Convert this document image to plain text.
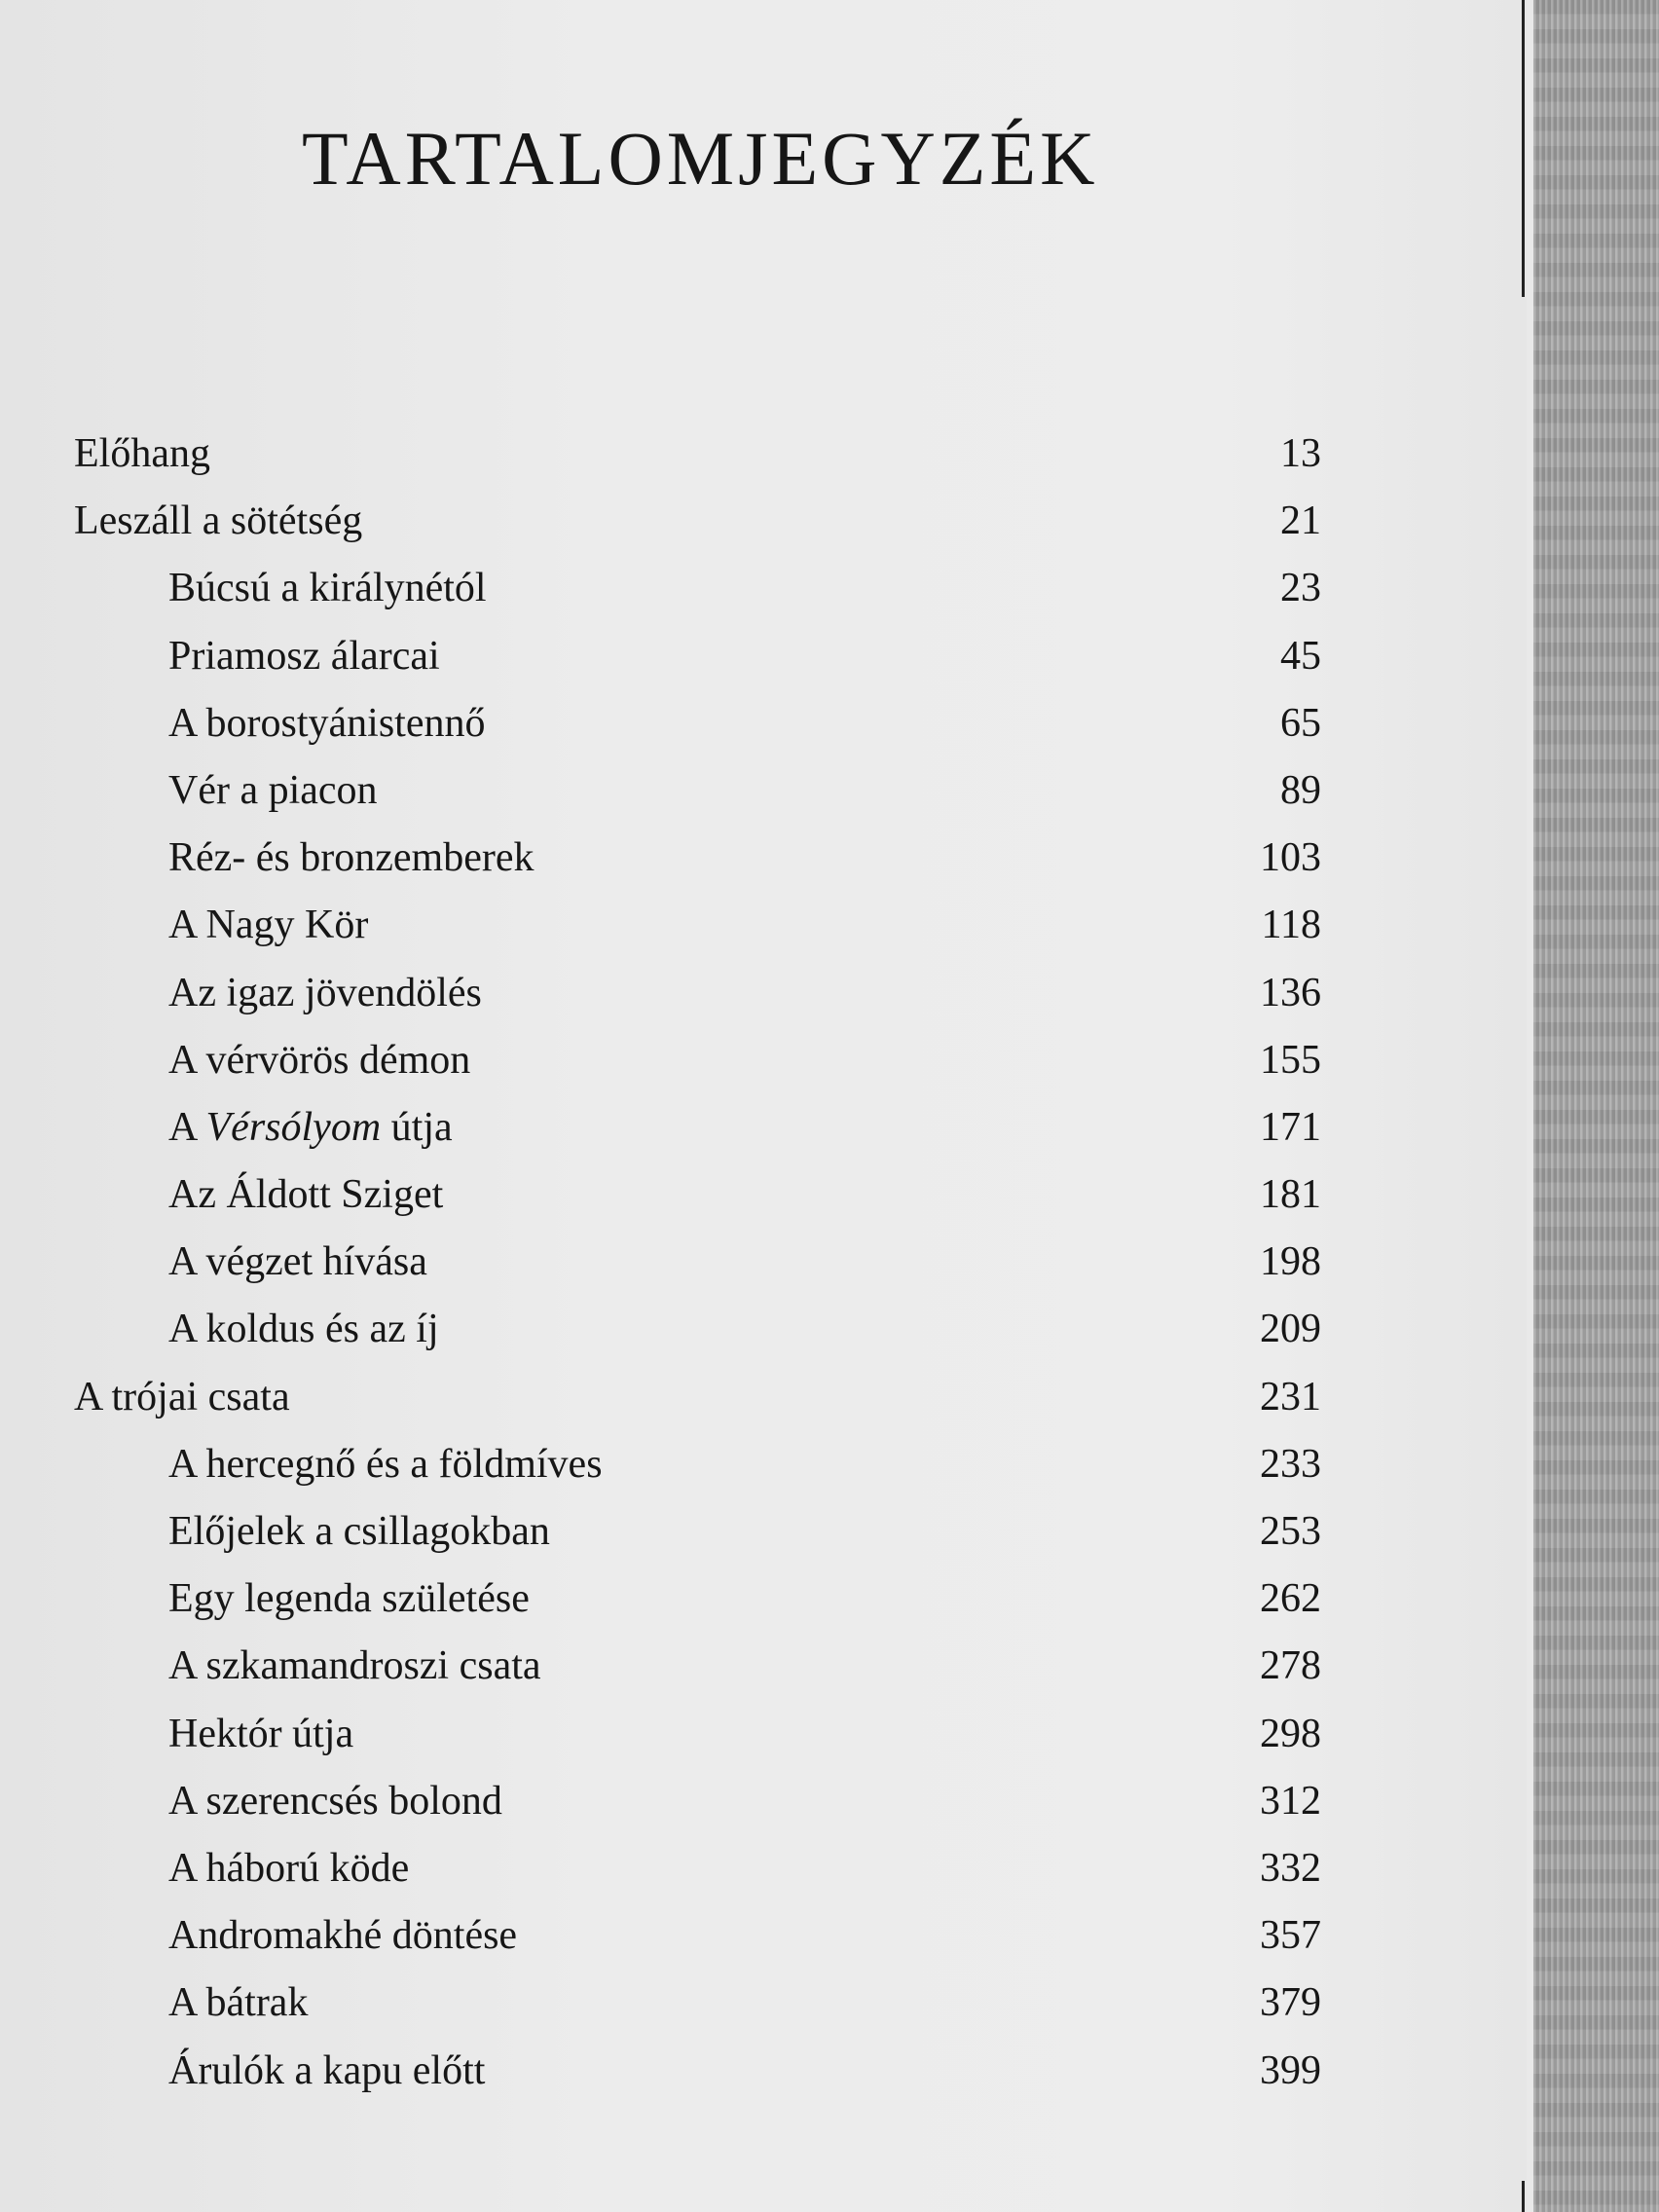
TARTALOMJEGYZÉK
Előhang	13
Leszáll a sötétség	21
Búcsú a királynétól	23
Priamosz álarcai	45
A borostyánistennő	65
Vér a piacon	89
Réz- és bronzemberek	103
A Nagy Kör	118
Az igaz jövendölés	136
A vérvörös démon	155
A Vérsólyom útja	171
Az Áldott Sziget	181
A végzet hívása	198
A koldus és az íj	209
A trójai csata	231
A hercegnő és a földmíves	233
Előjelek a csillagokban	253
Egy legenda születése	262
A szkamandroszi csata	278
Hektór útja	298
A szerencsés bolond	312
A háború köde	332
Andromakhé döntése	357
A bátrak	379
Árulók a kapu előtt	399
